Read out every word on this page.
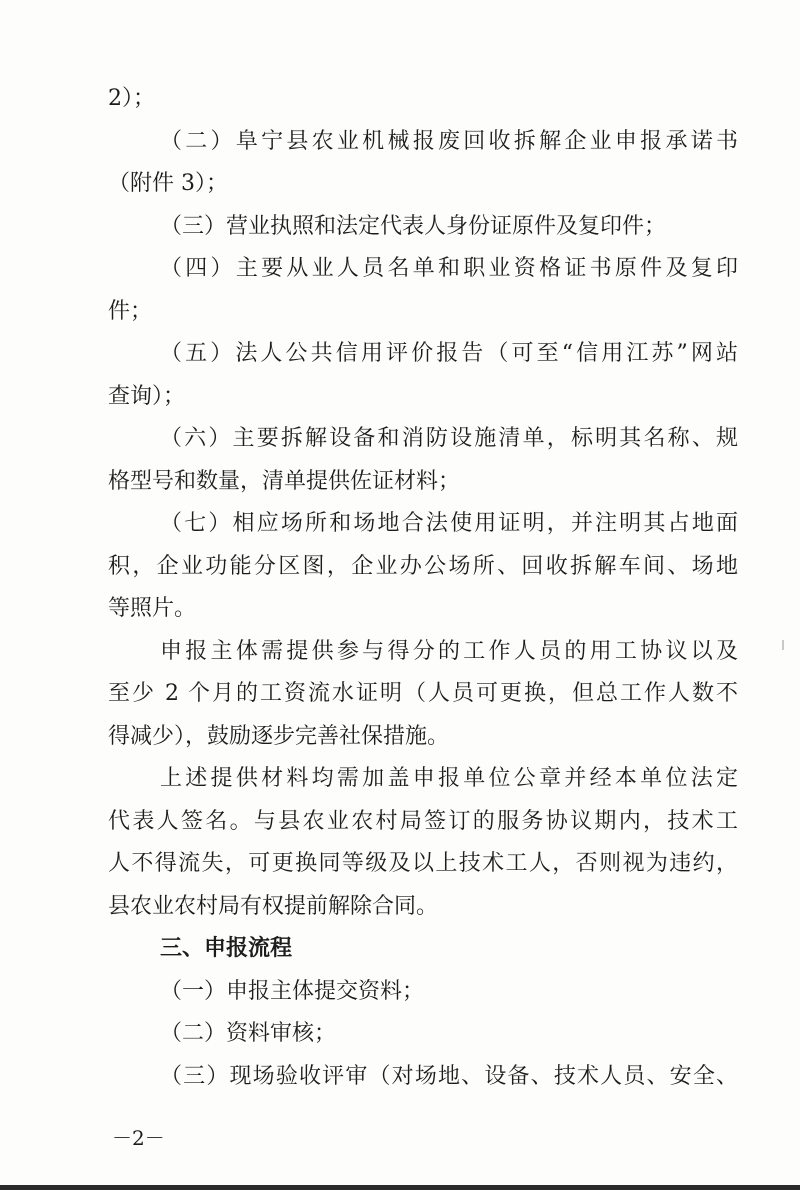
2）；
（二）阜宁县农业机械报废回收拆解企业申报承诺书
（附件 3）；
（三）营业执照和法定代表人身份证原件及复印件；
（四）主要从业人员名单和职业资格证书原件及复印
件；
（五）法人公共信用评价报告（可至“信用江苏”网站
查询）；
（六）主要拆解设备和消防设施清单，标明其名称、规
格型号和数量，清单提供佐证材料；
（七）相应场所和场地合法使用证明，并注明其占地面
积，企业功能分区图，企业办公场所、回收拆解车间、场地
等照片。
申报主体需提供参与得分的工作人员的用工协议以及
至少 2 个月的工资流水证明（人员可更换，但总工作人数不
得减少），鼓励逐步完善社保措施。
上述提供材料均需加盖申报单位公章并经本单位法定
代表人签名。与县农业农村局签订的服务协议期内，技术工
人不得流失，可更换同等级及以上技术工人，否则视为违约，
县农业农村局有权提前解除合同。
三、申报流程
（一）申报主体提交资料；
（二）资料审核；
（三）现场验收评审（对场地、设备、技术人员、安全、
－2－
